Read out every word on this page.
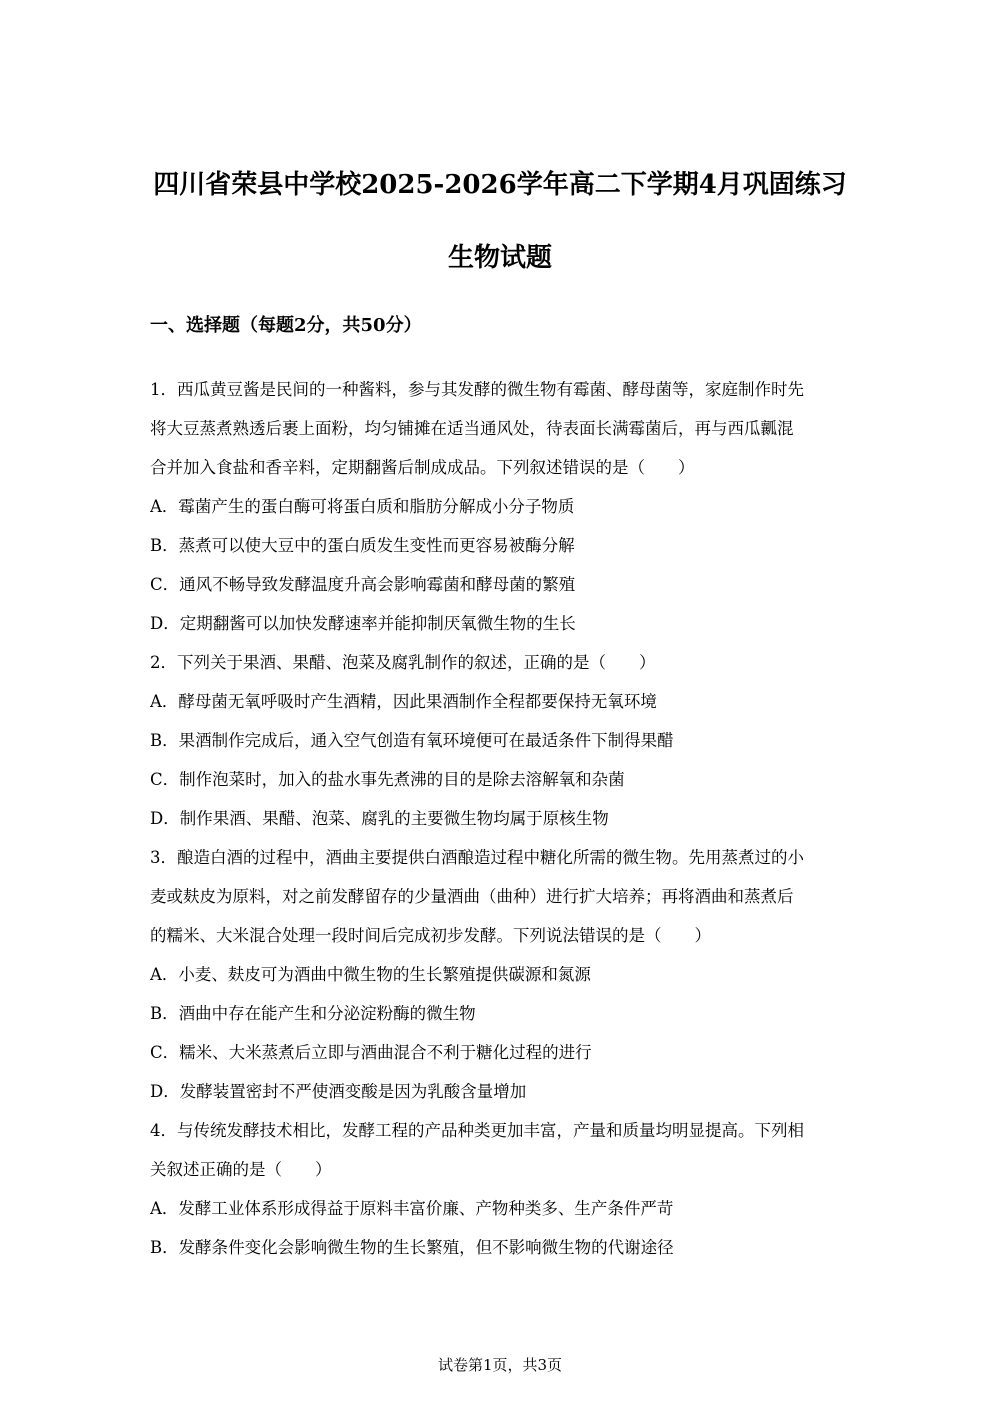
四川省荣县中学校2025-2026学年高二下学期4月巩固练习
生物试题
一、选择题（每题2分，共50分）
1．西瓜黄豆酱是民间的一种酱料，参与其发酵的微生物有霉菌、酵母菌等，家庭制作时先
将大豆蒸煮熟透后裹上面粉，均匀铺摊在适当通风处，待表面长满霉菌后，再与西瓜瓤混
合并加入食盐和香辛料，定期翻酱后制成成品。下列叙述错误的是（　　）
A．霉菌产生的蛋白酶可将蛋白质和脂肪分解成小分子物质
B．蒸煮可以使大豆中的蛋白质发生变性而更容易被酶分解
C．通风不畅导致发酵温度升高会影响霉菌和酵母菌的繁殖
D．定期翻酱可以加快发酵速率并能抑制厌氧微生物的生长
2．下列关于果酒、果醋、泡菜及腐乳制作的叙述，正确的是（　　）
A．酵母菌无氧呼吸时产生酒精，因此果酒制作全程都要保持无氧环境
B．果酒制作完成后，通入空气创造有氧环境便可在最适条件下制得果醋
C．制作泡菜时，加入的盐水事先煮沸的目的是除去溶解氧和杂菌
D．制作果酒、果醋、泡菜、腐乳的主要微生物均属于原核生物
3．酿造白酒的过程中，酒曲主要提供白酒酿造过程中糖化所需的微生物。先用蒸煮过的小
麦或麸皮为原料，对之前发酵留存的少量酒曲（曲种）进行扩大培养；再将酒曲和蒸煮后
的糯米、大米混合处理一段时间后完成初步发酵。下列说法错误的是（　　）
A．小麦、麸皮可为酒曲中微生物的生长繁殖提供碳源和氮源
B．酒曲中存在能产生和分泌淀粉酶的微生物
C．糯米、大米蒸煮后立即与酒曲混合不利于糖化过程的进行
D．发酵装置密封不严使酒变酸是因为乳酸含量增加
4．与传统发酵技术相比，发酵工程的产品种类更加丰富，产量和质量均明显提高。下列相
关叙述正确的是（　　）
A．发酵工业体系形成得益于原料丰富价廉、产物种类多、生产条件严苛
B．发酵条件变化会影响微生物的生长繁殖，但不影响微生物的代谢途径
试卷第1页，共3页
